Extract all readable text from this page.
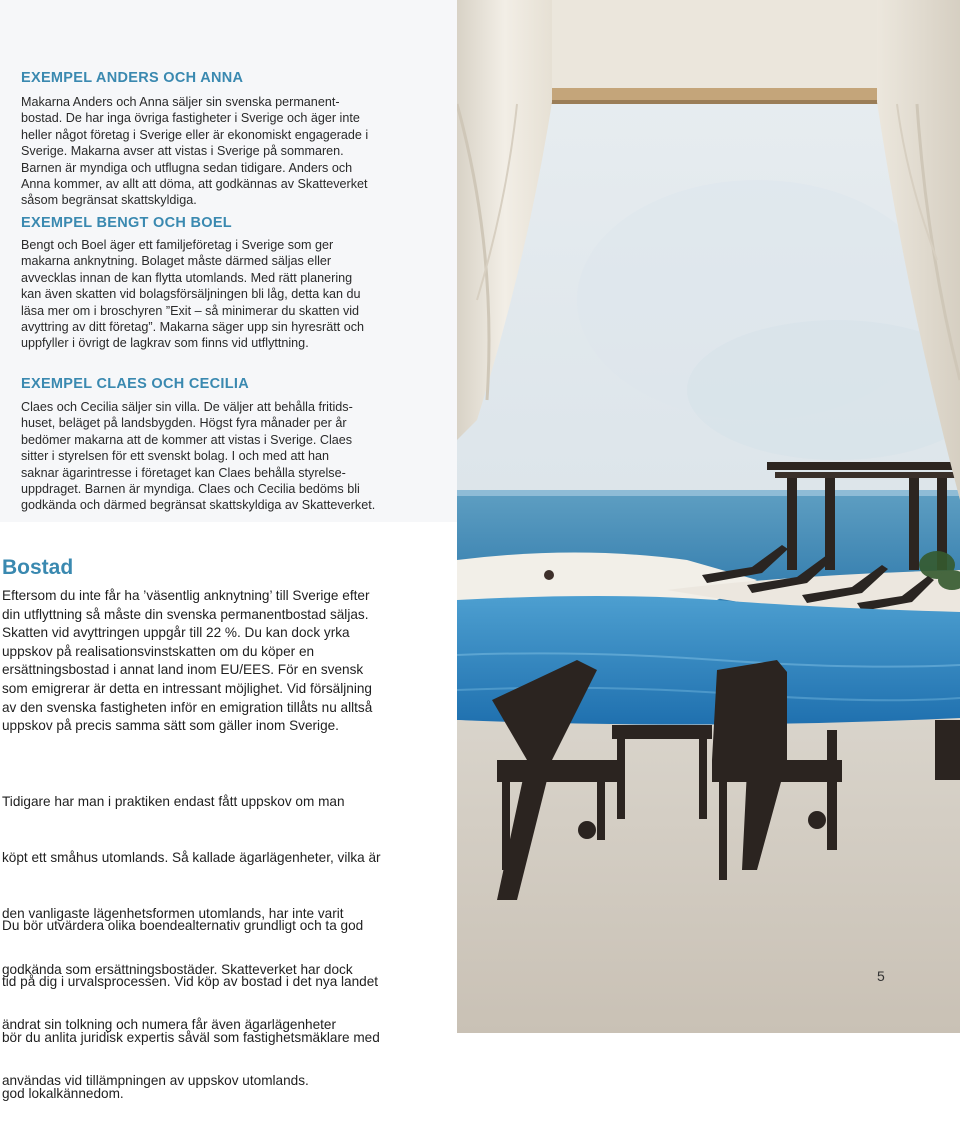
EXEMPEL ANDERS OCH ANNA

Makarna Anders och Anna säljer sin svenska permanent-
bostad. De har inga övriga fastigheter i Sverige och äger inte
heller något företag i Sverige eller är ekonomiskt engagerade i
Sverige. Makarna avser att vistas i Sverige på sommaren.
Barnen är myndiga och utflugna sedan tidigare. Anders och
Anna kommer, av allt att döma, att godkännas av Skatteverket
såsom begränsat skattskyldiga.

EXEMPEL BENGT OCH BOEL

Bengt och Boel äger ett familjeföretag i Sverige som ger
makarna anknytning. Bolaget måste därmed säljas eller
avvecklas innan de kan flytta utomlands. Med rätt planering
kan även skatten vid bolagsförsäljningen bli låg, detta kan du
läsa mer om i broschyren ”Exit – så minimerar du skatten vid
avyttring av ditt företag”. Makarna säger upp sin hyresrätt och
uppfyller i övrigt de lagkrav som finns vid utflyttning.

EXEMPEL CLAES OCH CECILIA

Claes och Cecilia säljer sin villa. De väljer att behålla fritids-
huset, beläget på landsbygden. Högst fyra månader per år
bedömer makarna att de kommer att vistas i Sverige. Claes
sitter i styrelsen för ett svenskt bolag. I och med att han
saknar ägarintresse i företaget kan Claes behålla styrelse-
uppdraget. Barnen är myndiga. Claes och Cecilia bedöms bli
godkända och därmed begränsat skattskyldiga av Skatteverket.

Bostad

Eftersom du inte får ha ’väsentlig anknytning’ till Sverige efter
din utflyttning så måste din svenska permanentbostad säljas.
Skatten vid avyttringen uppgår till 22 %. Du kan dock yrka
uppskov på realisationsvinstskatten om du köper en
ersättningsbostad i annat land inom EU/EES. För en svensk
som emigrerar är detta en intressant möjlighet. Vid försäljning
av den svenska fastigheten inför en emigration tillåts nu alltså
uppskov på precis samma sätt som gäller inom Sverige.

Tidigare har man i praktiken endast fått uppskov om man

köpt ett småhus utomlands. Så kallade ägarlägenheter, vilka är

den vanligaste lägenhetsformen utomlands, har inte varit

godkända som ersättningsbostäder. Skatteverket har dock

ändrat sin tolkning och numera får även ägarlägenheter

användas vid tillämpningen av uppskov utomlands.

Du bör utvärdera olika boendealternativ grundligt och ta god

tid på dig i urvalsprocessen. Vid köp av bostad i det nya landet

bör du anlita juridisk expertis såväl som fastighetsmäklare med

god lokalkännedom.

5
